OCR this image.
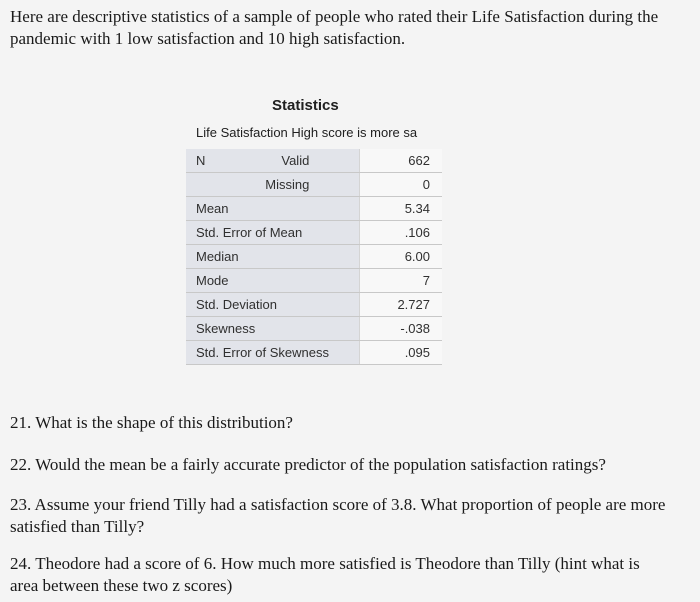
Here are descriptive statistics of a sample of people who rated their Life Satisfaction during the pandemic with 1 low satisfaction and 10 high satisfaction.
Statistics
Life Satisfaction High score is more sa
N	Valid	662
	Missing	0
Mean		5.34
Std. Error of Mean		.106
Median		6.00
Mode		7
Std. Deviation		2.727
Skewness		-.038
Std. Error of Skewness		.095
21. What is the shape of this distribution?
22. Would the mean be a fairly accurate predictor of the population satisfaction ratings?
23. Assume your friend Tilly had a satisfaction score of 3.8. What proportion of people are more satisfied than Tilly?
24. Theodore had a score of 6. How much more satisfied is Theodore than Tilly (hint what is area between these two z scores)
